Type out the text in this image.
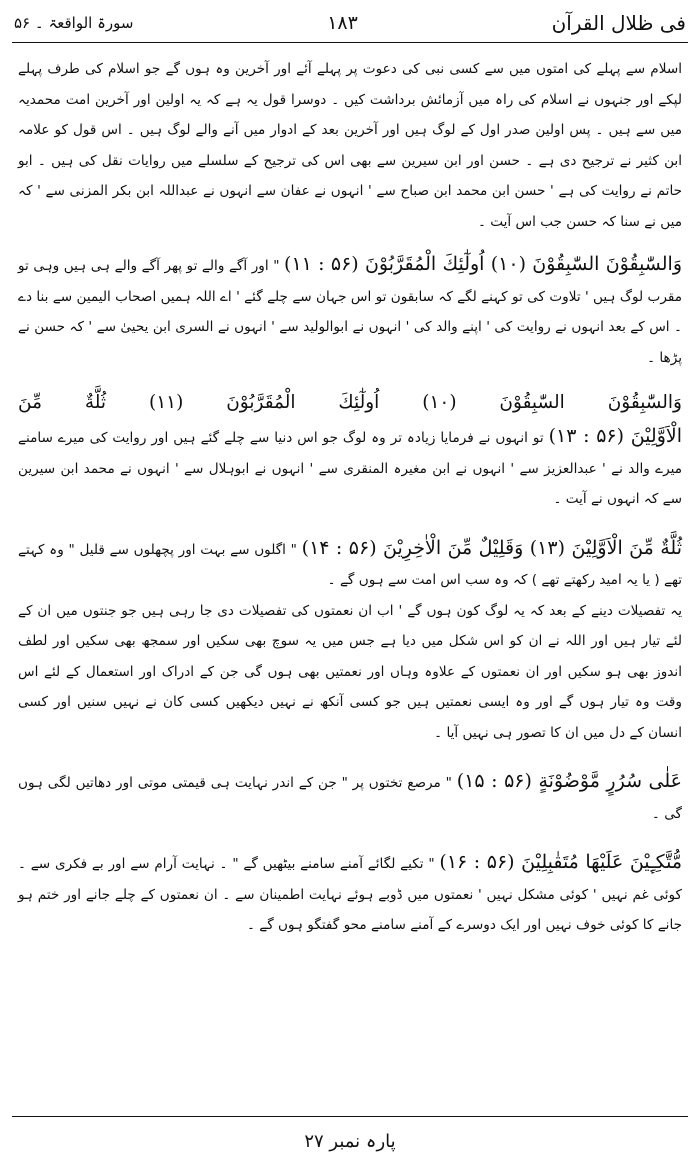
سورۃ الواقعۃ ۔ ۵۶	۱۸۳	فی ظلال القرآن

اسلام سے پہلے کی امتوں میں سے کسی نبی کی دعوت پر پہلے آئے اور آخرین وہ ہوں گے جو اسلام کی طرف پہلے لپکے اور جنہوں نے اسلام کی راہ میں آزمائش برداشت کیں ۔ دوسرا قول یہ ہے کہ یہ اولین اور آخرین امت محمدیہ میں سے ہیں ۔ پس اولین صدر اول کے لوگ ہیں اور آخرین بعد کے ادوار میں آنے والے لوگ ہیں ۔ اس قول کو علامہ ابن کثیر نے ترجیح دی ہے ۔ حسن اور ابن سیرین سے بھی اس کی ترجیح کے سلسلے میں روایات نقل کی ہیں ۔ ابو حاتم نے روایت کی ہے ' حسن ابن محمد ابن صباح سے ' انہوں نے عفان سے انہوں نے عبداللہ ابن بکر المزنی سے ' کہ میں نے سنا کہ حسن جب اس آیت ۔

وَالسّٰبِقُوْنَ السّٰبِقُوْنَ (۱۰) اُولٰٓئِكَ الْمُقَرَّبُوْنَ (۵۶ : ۱۱) " اور آگے والے تو پھر آگے والے ہی ہیں وہی تو مقرب لوگ ہیں ' تلاوت کی تو کہنے لگے کہ سابقون تو اس جہان سے چلے گئے ' اے اللہ ہمیں اصحاب الیمین سے بنا دے ۔ اس کے بعد انہوں نے روایت کی ' اپنے والد کی ' انہوں نے ابوالولید سے ' انہوں نے السری ابن یحییٰ سے ' کہ حسن نے پڑھا ۔

وَالسّٰبِقُوْنَ السّٰبِقُوْنَ (۱۰) اُولٰٓئِكَ الْمُقَرَّبُوْنَ (۱۱) ثُلَّةٌ مِّنَ

الْاَوَّلِيْنَ (۵۶ : ۱۳) تو انہوں نے فرمایا زیادہ تر وہ لوگ جو اس دنیا سے چلے گئے ہیں اور روایت کی میرے سامنے میرے والد نے ' عبدالعزیز سے ' انہوں نے ابن مغیرہ المنقری سے ' انہوں نے ابوہلال سے ' انہوں نے محمد ابن سیرین سے کہ انہوں نے آیت ۔

ثُلَّةٌ مِّنَ الْاَوَّلِيْنَ (۱۳) وَقَلِيْلٌ مِّنَ الْاٰخِرِيْنَ (۵۶ : ۱۴) " اگلوں سے بہت اور پچھلوں سے قلیل " وہ کہتے تھے ( یا یہ امید رکھتے تھے ) کہ وہ سب اس امت سے ہوں گے ۔

یہ تفصیلات دینے کے بعد کہ یہ لوگ کون ہوں گے ' اب ان نعمتوں کی تفصیلات دی جا رہی ہیں جو جنتوں میں ان کے لئے تیار ہیں اور اللہ نے ان کو اس شکل میں دیا ہے جس میں یہ سوچ بھی سکیں اور سمجھ بھی سکیں اور لطف اندوز بھی ہو سکیں اور ان نعمتوں کے علاوہ وہاں اور نعمتیں بھی ہوں گی جن کے ادراک اور استعمال کے لئے اس وقت وہ تیار ہوں گے اور وہ ایسی نعمتیں ہیں جو کسی آنکھ نے نہیں دیکھیں کسی کان نے نہیں سنیں اور کسی انسان کے دل میں ان کا تصور ہی نہیں آیا ۔

عَلٰى سُرُرٍ مَّوْضُوْنَةٍ (۵۶ : ۱۵) " مرصع تختوں پر " جن کے اندر نہایت ہی قیمتی موتی اور دھاتیں لگی ہوں گی ۔

مُّتَّكِـِٕيْنَ عَلَيْهَا مُتَقٰبِلِيْنَ (۵۶ : ۱۶) " تکیے لگائے آمنے سامنے بیٹھیں گے " ۔ نہایت آرام سے اور بے فکری سے ۔ کوئی غم نہیں ' کوئی مشکل نہیں ' نعمتوں میں ڈوبے ہوئے نہایت اطمینان سے ۔ ان نعمتوں کے چلے جانے اور ختم ہو جانے کا کوئی خوف نہیں اور ایک دوسرے کے آمنے سامنے محو گفتگو ہوں گے ۔

پارہ نمبر ۲۷
